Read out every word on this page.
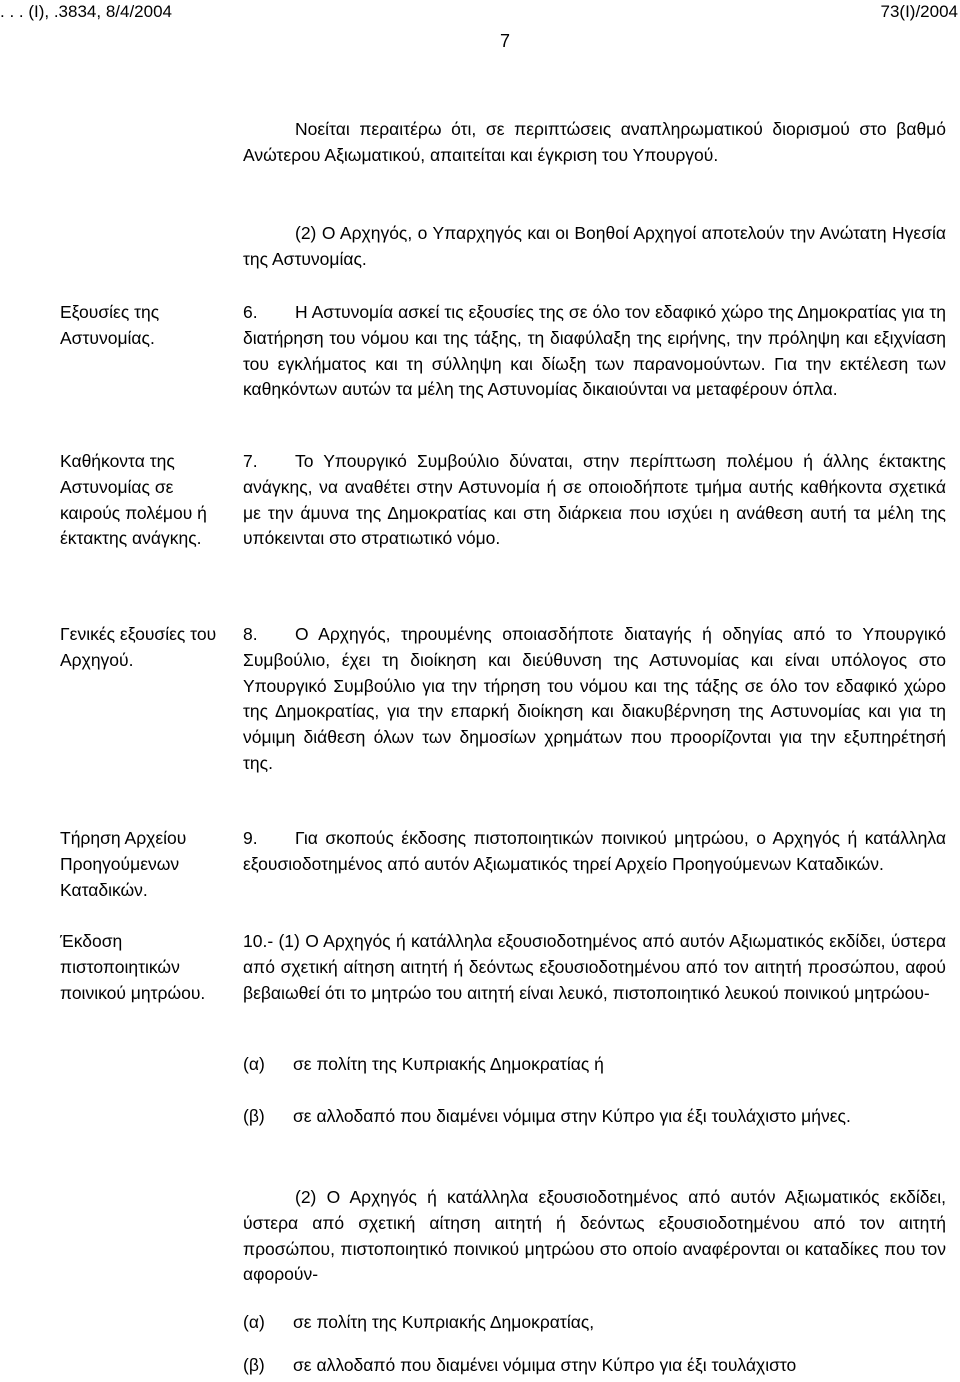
. . . (Ι), .3834, 8/4/2004	73(Ι)/2004
7
Νοείται περαιτέρω ότι, σε περιπτώσεις αναπληρωματικού διορισμού στο βαθμό Ανώτερου Αξιωματικού, απαιτείται και έγκριση του Υπουργού.
(2) Ο Αρχηγός, ο Υπαρχηγός και οι Βοηθοί Αρχηγοί αποτελούν την Ανώτατη Ηγεσία της Αστυνομίας.
6. Η Αστυνομία ασκεί τις εξουσίες της σε όλο τον εδαφικό χώρο της Δημοκρατίας για τη διατήρηση του νόμου και της τάξης, τη διαφύλαξη της ειρήνης, την πρόληψη και εξιχνίαση του εγκλήματος και τη σύλληψη και δίωξη των παρανομούντων. Για την εκτέλεση των καθηκόντων αυτών τα μέλη της Αστυνομίας δικαιούνται να μεταφέρουν όπλα.
7. Το Υπουργικό Συμβούλιο δύναται, στην περίπτωση πολέμου ή άλλης έκτακτης ανάγκης, να αναθέτει στην Αστυνομία ή σε οποιοδήποτε τμήμα αυτής καθήκοντα σχετικά με την άμυνα της Δημοκρατίας και στη διάρκεια που ισχύει η ανάθεση αυτή τα μέλη της υπόκεινται στο στρατιωτικό νόμο.
8. Ο Αρχηγός, τηρουμένης οποιασδήποτε διαταγής ή οδηγίας από το Υπουργικό Συμβούλιο, έχει τη διοίκηση και διεύθυνση της Αστυνομίας και είναι υπόλογος στο Υπουργικό Συμβούλιο για την τήρηση του νόμου και της τάξης σε όλο τον εδαφικό χώρο της Δημοκρατίας, για την επαρκή διοίκηση και διακυβέρνηση της Αστυνομίας και για τη νόμιμη διάθεση όλων των δημοσίων χρημάτων που προορίζονται για την εξυπηρέτησή της.
9. Για σκοπούς έκδοσης πιστοποιητικών ποινικού μητρώου, ο Αρχηγός ή κατάλληλα εξουσιοδοτημένος από αυτόν Αξιωματικός τηρεί Αρχείο Προηγούμενων Καταδικών.
10.- (1) Ο Αρχηγός ή κατάλληλα εξουσιοδοτημένος από αυτόν Αξιωματικός εκδίδει, ύστερα από σχετική αίτηση αιτητή ή δεόντως εξουσιοδοτημένου από τον αιτητή προσώπου, αφού βεβαιωθεί ότι το μητρώο του αιτητή είναι λευκό, πιστοποιητικό λευκού ποινικού μητρώου-
(α) σε πολίτη της Κυπριακής Δημοκρατίας ή
(β) σε αλλοδαπό που διαμένει νόμιμα στην Κύπρο για έξι τουλάχιστο μήνες.
(2) Ο Αρχηγός ή κατάλληλα εξουσιοδοτημένος από αυτόν Αξιωματικός εκδίδει, ύστερα από σχετική αίτηση αιτητή ή δεόντως εξουσιοδοτημένου από τον αιτητή προσώπου, πιστοποιητικό ποινικού μητρώου στο οποίο αναφέρονται οι καταδίκες που τον αφορούν-
(α) σε πολίτη της Κυπριακής Δημοκρατίας,
(β) σε αλλοδαπό που διαμένει νόμιμα στην Κύπρο για έξι τουλάχιστο
Εξουσίες της Αστυνομίας.
Καθήκοντα της Αστυνομίας σε καιρούς πολέμου ή έκτακτης ανάγκης.
Γενικές εξουσίες του Αρχηγού.
Τήρηση Αρχείου Προηγούμενων Καταδικών.
Έκδοση πιστοποιητικών ποινικού μητρώου.
